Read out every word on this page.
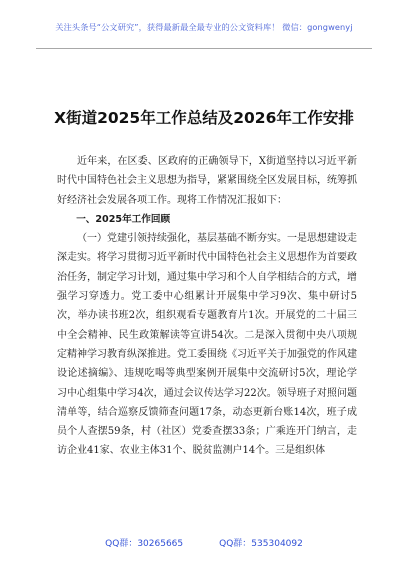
关注头条号“公文研究”，获得最新最全最专业的公文资料库！ 微信：gongwenyj
X街道2025年工作总结及2026年工作安排

近年来，在区委、区政府的正确领导下，X街道坚持以习近平新时代中国特色社会主义思想为指导，紧紧围绕全区发展目标，统筹抓好经济社会发展各项工作。现将工作情况汇报如下：

一、2025年工作回顾

（一）党建引领持续强化，基层基础不断夯实。一是思想建设走深走实。将学习贯彻习近平新时代中国特色社会主义思想作为首要政治任务，制定学习计划，通过集中学习和个人自学相结合的方式，增强学习穿透力。党工委中心组累计开展集中学习9次、集中研讨5次，举办读书班2次，组织观看专题教育片1次。开展党的二十届三中全会精神、民生政策解读等宣讲54次。二是深入贯彻中央八项规定精神学习教育纵深推进。党工委围绕《习近平关于加强党的作风建设论述摘编》、违规吃喝等典型案例开展集中交流研讨5次，理论学习中心组集中学习4次，通过会议传达学习22次。领导班子对照问题清单等，结合巡察反馈筛查问题17条，动态更新台账14次，班子成员个人查摆59条，村（社区）党委查摆33条；广乘连开门纳言，走访企业41家、农业主体31个、脱贫监测户14个。三是组织体

QQ群：30265665	QQ群：535304092
